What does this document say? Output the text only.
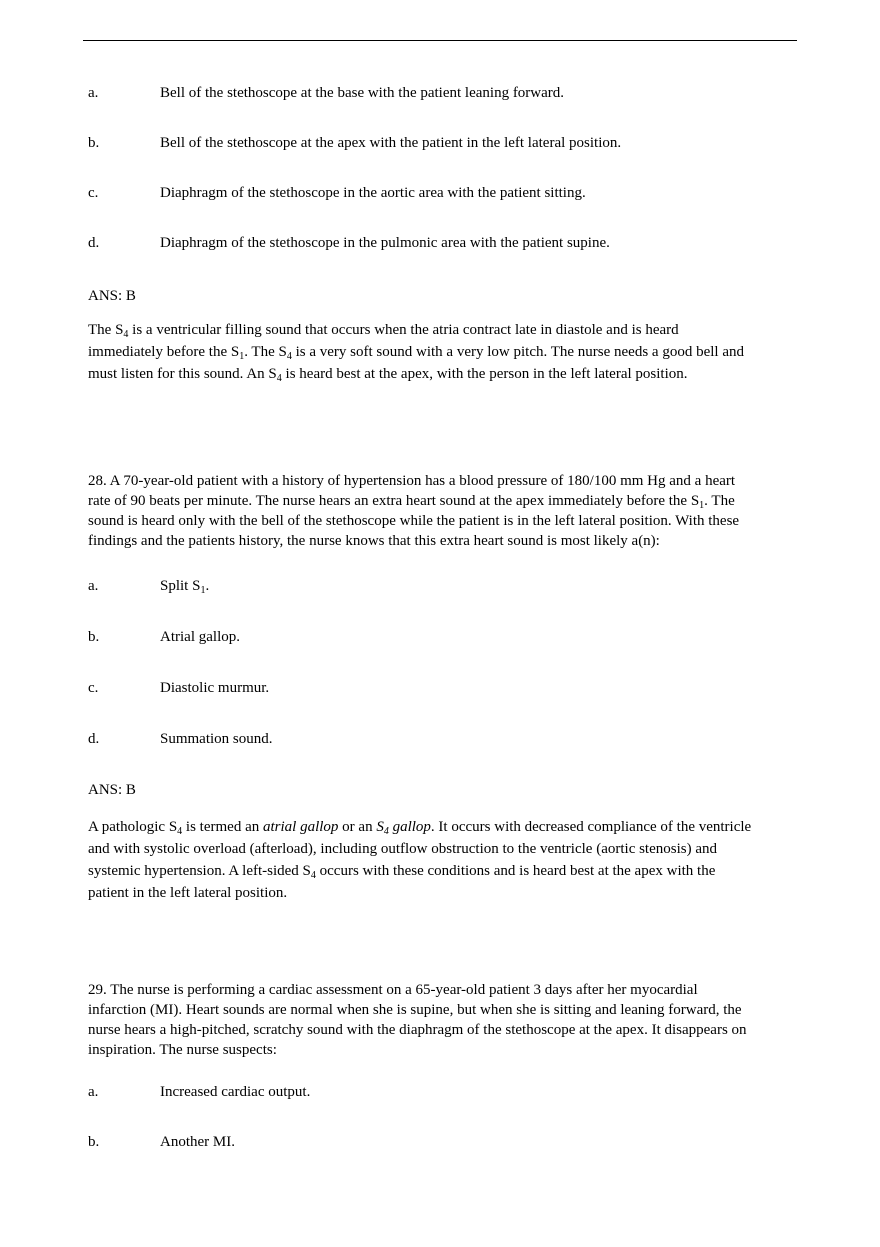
a.	Bell of the stethoscope at the base with the patient leaning forward.
b.	Bell of the stethoscope at the apex with the patient in the left lateral position.
c.	Diaphragm of the stethoscope in the aortic area with the patient sitting.
d.	Diaphragm of the stethoscope in the pulmonic area with the patient supine.
ANS: B
The $S_4$ is a ventricular filling sound that occurs when the atria contract late in diastole and is heard
immediately before the $S_1$. The $S_4$ is a very soft sound with a very low pitch. The nurse needs a good bell and
must listen for this sound. An $S_4$ is heard best at the apex, with the person in the left lateral position.
28. A 70-year-old patient with a history of hypertension has a blood pressure of 180/100 mm Hg and a heart
rate of 90 beats per minute. The nurse hears an extra heart sound at the apex immediately before the $S_1$. The
sound is heard only with the bell of the stethoscope while the patient is in the left lateral position. With these
findings and the patients history, the nurse knows that this extra heart sound is most likely a(n):
a.	Split $S_1$.
b.	Atrial gallop.
c.	Diastolic murmur.
d.	Summation sound.
ANS: B
A pathologic $S_4$ is termed an atrial gallop or an $S_4$ gallop. It occurs with decreased compliance of the ventricle
and with systolic overload (afterload), including outflow obstruction to the ventricle (aortic stenosis) and
systemic hypertension. A left-sided $S_4$ occurs with these conditions and is heard best at the apex with the
patient in the left lateral position.
29. The nurse is performing a cardiac assessment on a 65-year-old patient 3 days after her myocardial
infarction (MI). Heart sounds are normal when she is supine, but when she is sitting and leaning forward, the
nurse hears a high-pitched, scratchy sound with the diaphragm of the stethoscope at the apex. It disappears on
inspiration. The nurse suspects:
a.	Increased cardiac output.
b.	Another MI.
